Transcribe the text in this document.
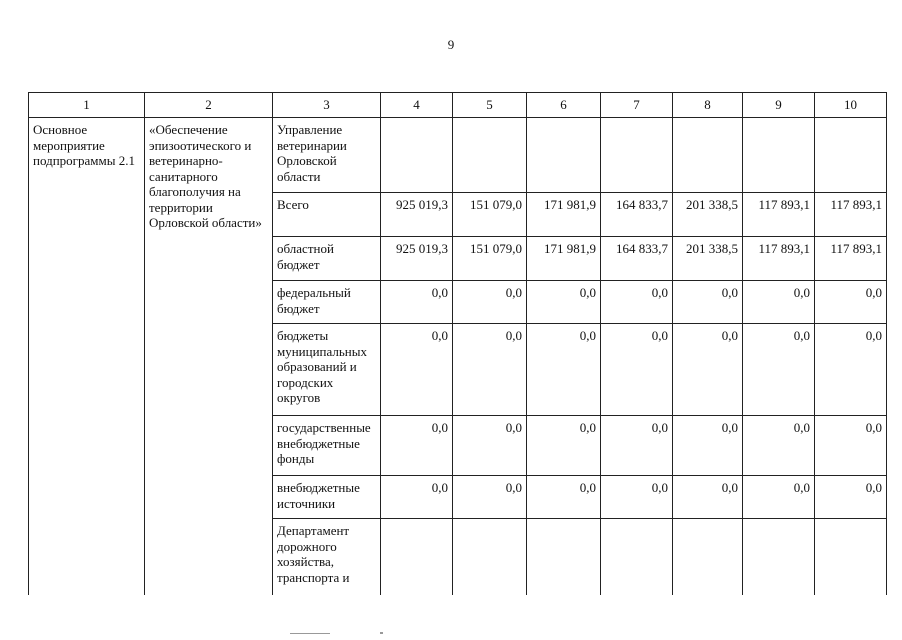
9
1	2	3	4	5	6	7	8	9	10
Основное мероприятие подпрограммы 2.1	«Обеспечение эпизоотического и ветеринарно-санитарного благополучия на территории Орловской области»	Управление ветеринарии Орловской области							
		Всего	925 019,3	151 079,0	171 981,9	164 833,7	201 338,5	117 893,1	117 893,1
		областной бюджет	925 019,3	151 079,0	171 981,9	164 833,7	201 338,5	117 893,1	117 893,1
		федеральный бюджет	0,0	0,0	0,0	0,0	0,0	0,0	0,0
		бюджеты муниципальных образований и городских округов	0,0	0,0	0,0	0,0	0,0	0,0	0,0
		государственные внебюджетные фонды	0,0	0,0	0,0	0,0	0,0	0,0	0,0
		внебюджетные источники	0,0	0,0	0,0	0,0	0,0	0,0	0,0
		Департамент дорожного хозяйства, транспорта и							
